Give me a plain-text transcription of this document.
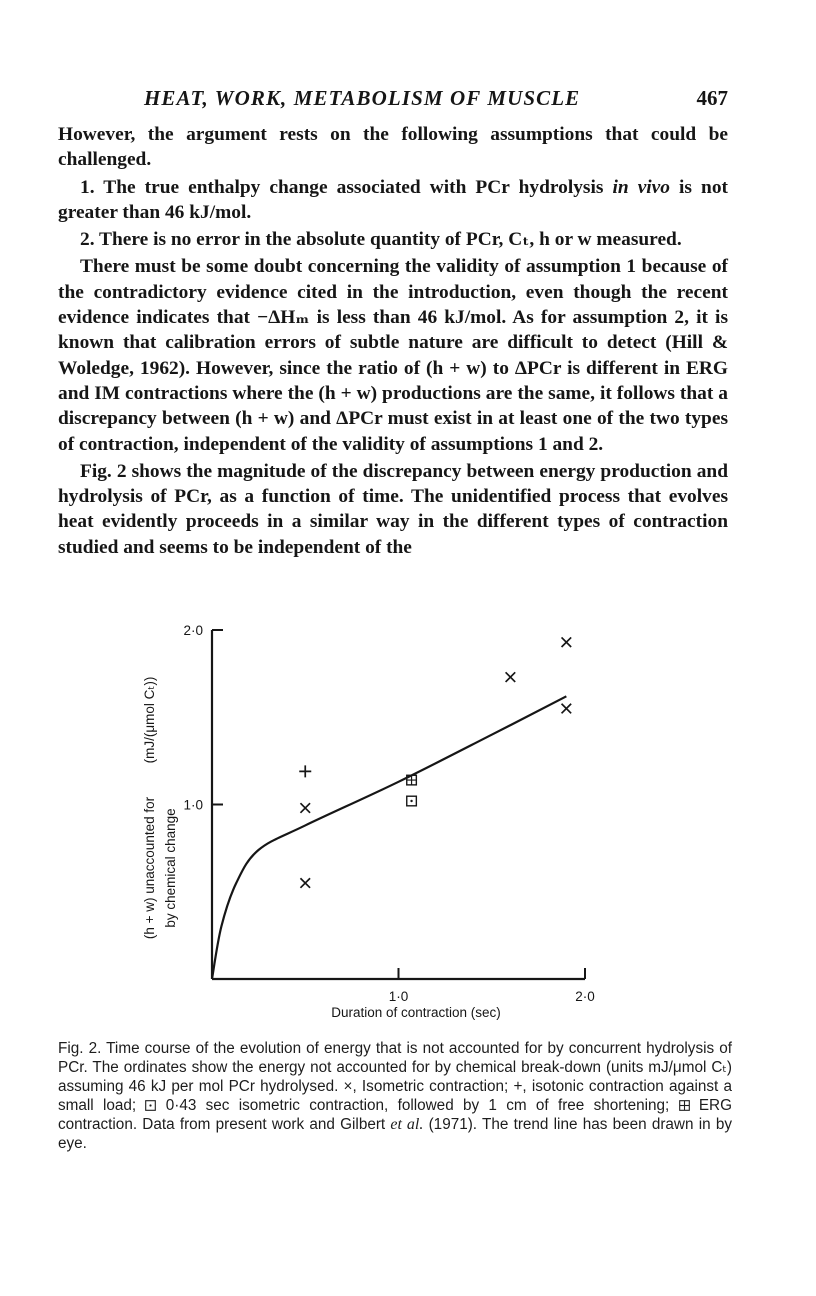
HEAT, WORK, METABOLISM OF MUSCLE	467

However, the argument rests on the following assumptions that could be challenged.

1. The true enthalpy change associated with PCr hydrolysis in vivo is not greater than 46 kJ/mol.

2. There is no error in the absolute quantity of PCr, Cₜ, h or w measured.

There must be some doubt concerning the validity of assumption 1 because of the contradictory evidence cited in the introduction, even though the recent evidence indicates that −ΔHₘ is less than 46 kJ/mol. As for assumption 2, it is known that calibration errors of subtle nature are difficult to detect (Hill & Woledge, 1962). However, since the ratio of (h + w) to ΔPCr is different in ERG and IM contractions where the (h + w) productions are the same, it follows that a discrepancy between (h + w) and ΔPCr must exist in at least one of the two types of contraction, independent of the validity of assumptions 1 and 2.

Fig. 2 shows the magnitude of the discrepancy between energy production and hydrolysis of PCr, as a function of time. The unidentified process that evolves heat evidently proceeds in a similar way in the different types of contraction studied and seems to be independent of the

1·0
2·0
1·0	2·0
(mJ/(μmol Cₜ))
(h + w) unaccounted for by chemical change
Duration of contraction (sec)
Fig. 2. Time course of the evolution of energy that is not accounted for by concurrent hydrolysis of PCr. The ordinates show the energy not accounted for by chemical break-down (units mJ/μmol Cₜ) assuming 46 kJ per mol PCr hydrolysed. ×, Isometric contraction; +, isotonic contraction against a small load;  0·43 sec isometric contraction, followed by 1 cm of free shortening;  ERG contraction. Data from present work and Gilbert et al. (1971). The trend line has been drawn in by eye.
